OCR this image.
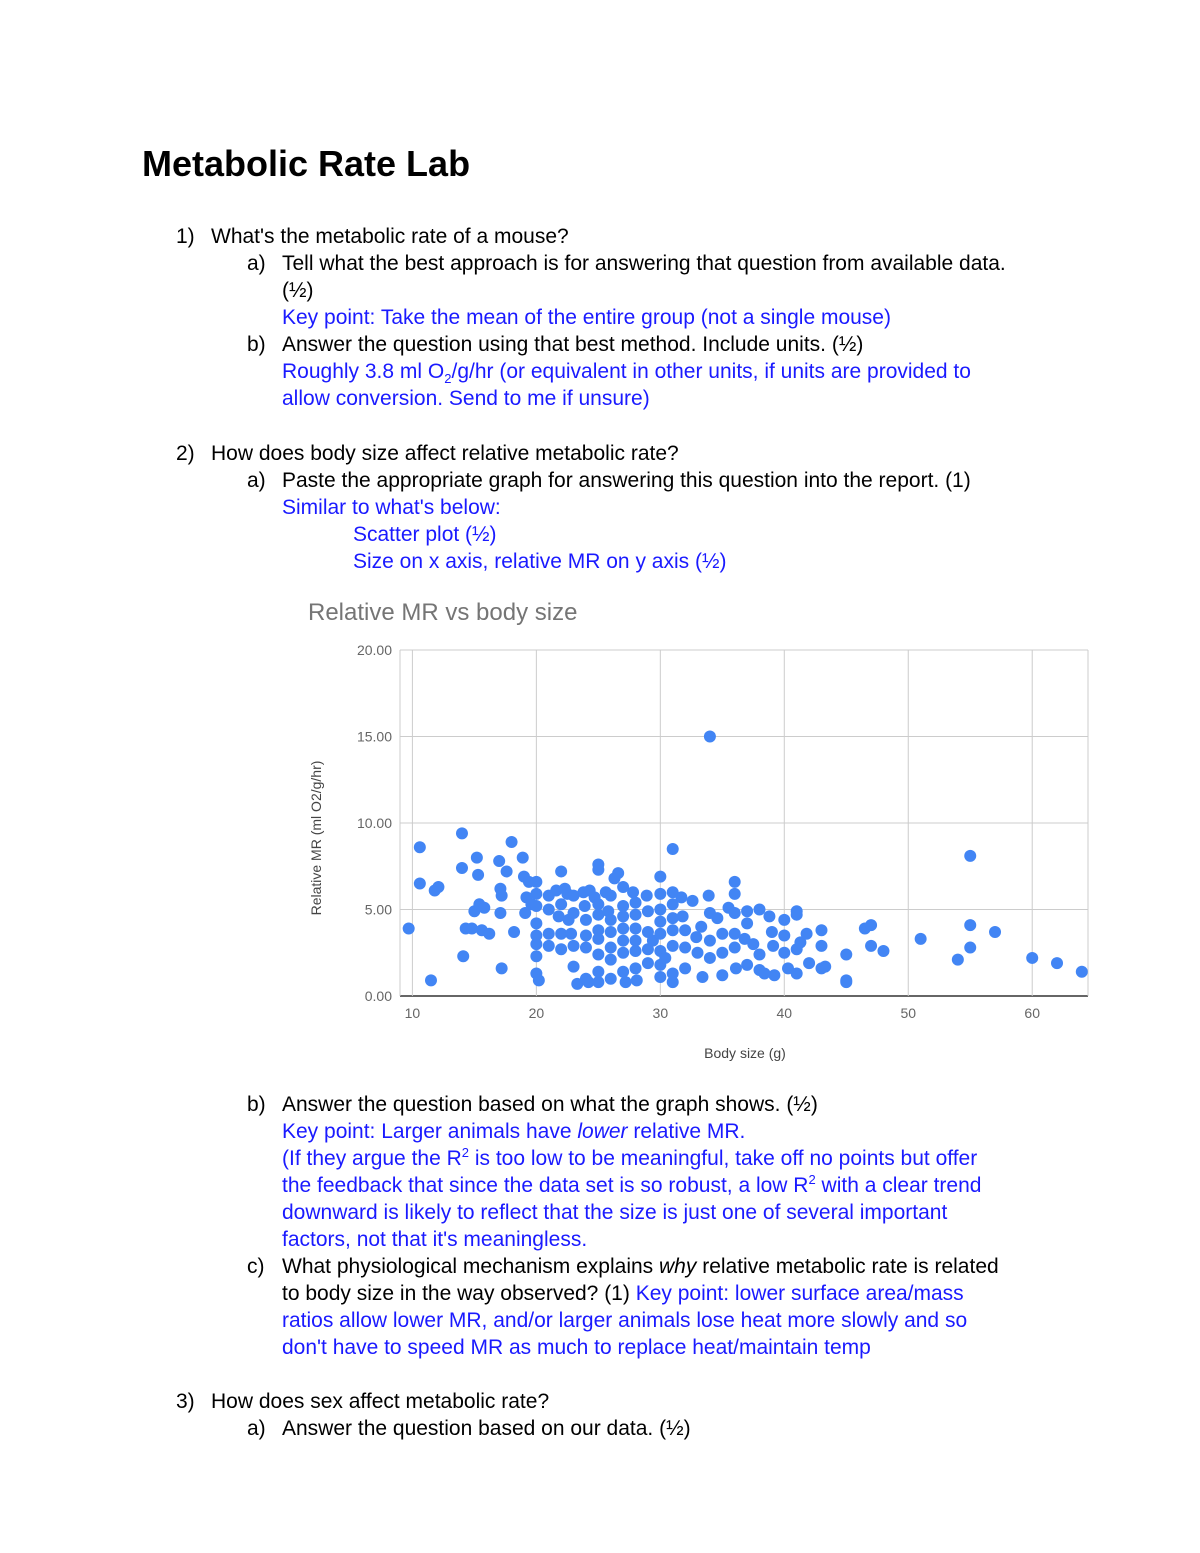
Metabolic Rate Lab
1) What's the metabolic rate of a mouse?
a) Tell what the best approach is for answering that question from available data.
(½)
Key point: Take the mean of the entire group (not a single mouse)
b) Answer the question using that best method. Include units. (½)
Roughly 3.8 ml $O_2/g/hr$ (or equivalent in other units, if units are provided to
allow conversion. Send to me if unsure)
2) How does body size affect relative metabolic rate?
a) Paste the appropriate graph for answering this question into the report. (1)
Similar to what's below:
Scatter plot (½)
Size on x axis, relative MR on y axis (½)
Relative MR vs body size
0.00
5.00
10.00
15.00
20.00
10	20	30	40	50	60
Body size (g)
Relative MR (ml O2/g/hr)
b) Answer the question based on what the graph shows. (½)
Key point: Larger animals have lower relative MR.
(If they argue the $R^2$ is too low to be meaningful, take off no points but offer
the feedback that since the data set is so robust, a low $R^2$ with a clear trend
downward is likely to reflect that the size is just one of several important
factors, not that it's meaningless.
c) What physiological mechanism explains why relative metabolic rate is related
to body size in the way observed? (1) Key point: lower surface area/mass
ratios allow lower MR, and/or larger animals lose heat more slowly and so
don't have to speed MR as much to replace heat/maintain temp
3) How does sex affect metabolic rate?
a) Answer the question based on our data. (½)
